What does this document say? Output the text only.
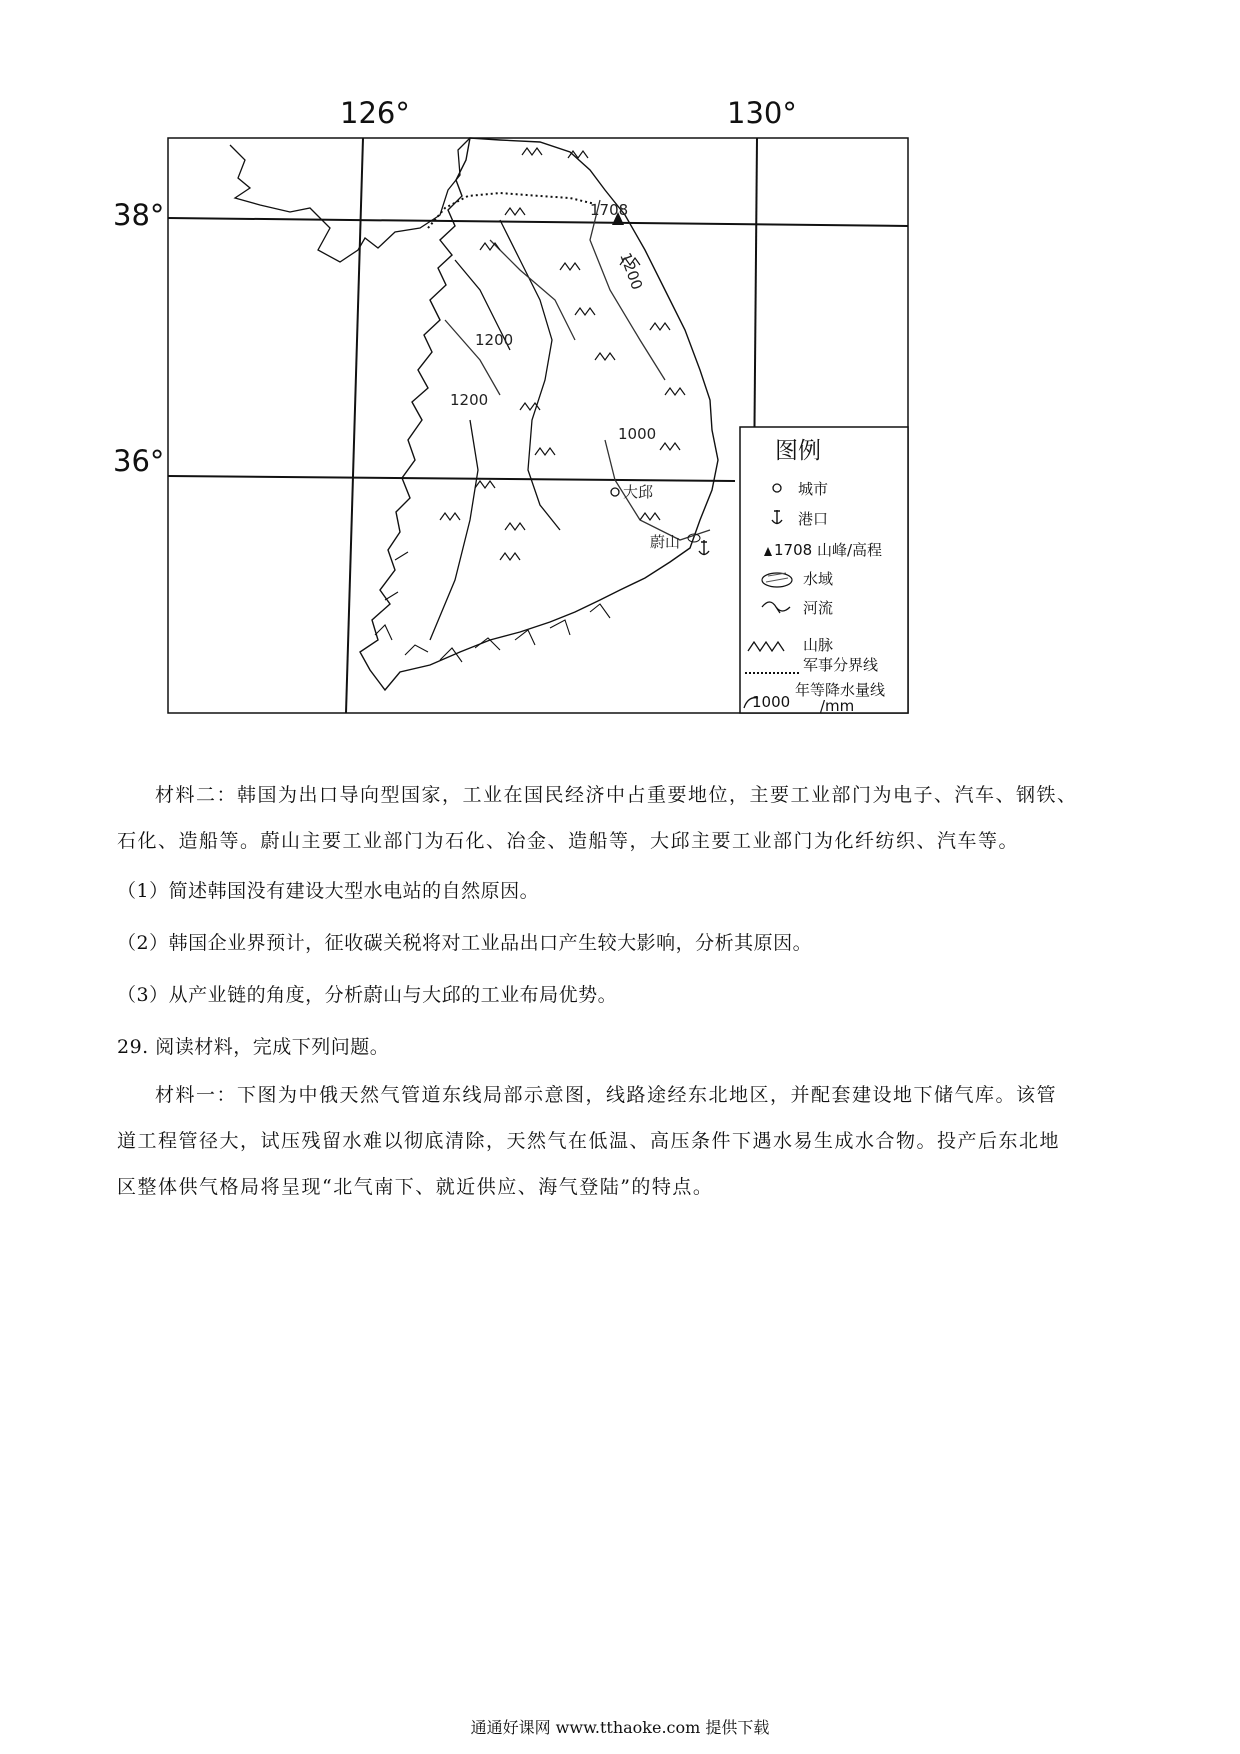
126°	130°
38°
36°
1708
1200
1200
1200
1000
大邱
蔚山
图例
城市
港口
1708 山峰/高程
水域
河流
山脉
军事分界线
年等降水量线
1000 /mm
材料二：韩国为出口导向型国家，工业在国民经济中占重要地位，主要工业部门为电子、汽车、钢铁、
石化、造船等。蔚山主要工业部门为石化、冶金、造船等，大邱主要工业部门为化纤纺织、汽车等。
（1）简述韩国没有建设大型水电站的自然原因。
（2）韩国企业界预计，征收碳关税将对工业品出口产生较大影响，分析其原因。
（3）从产业链的角度，分析蔚山与大邱的工业布局优势。
29. 阅读材料，完成下列问题。
材料一：下图为中俄天然气管道东线局部示意图，线路途经东北地区，并配套建设地下储气库。该管
道工程管径大，试压残留水难以彻底清除，天然气在低温、高压条件下遇水易生成水合物。投产后东北地
区整体供气格局将呈现“北气南下、就近供应、海气登陆”的特点。
通通好课网 www.tthaoke.com 提供下载
